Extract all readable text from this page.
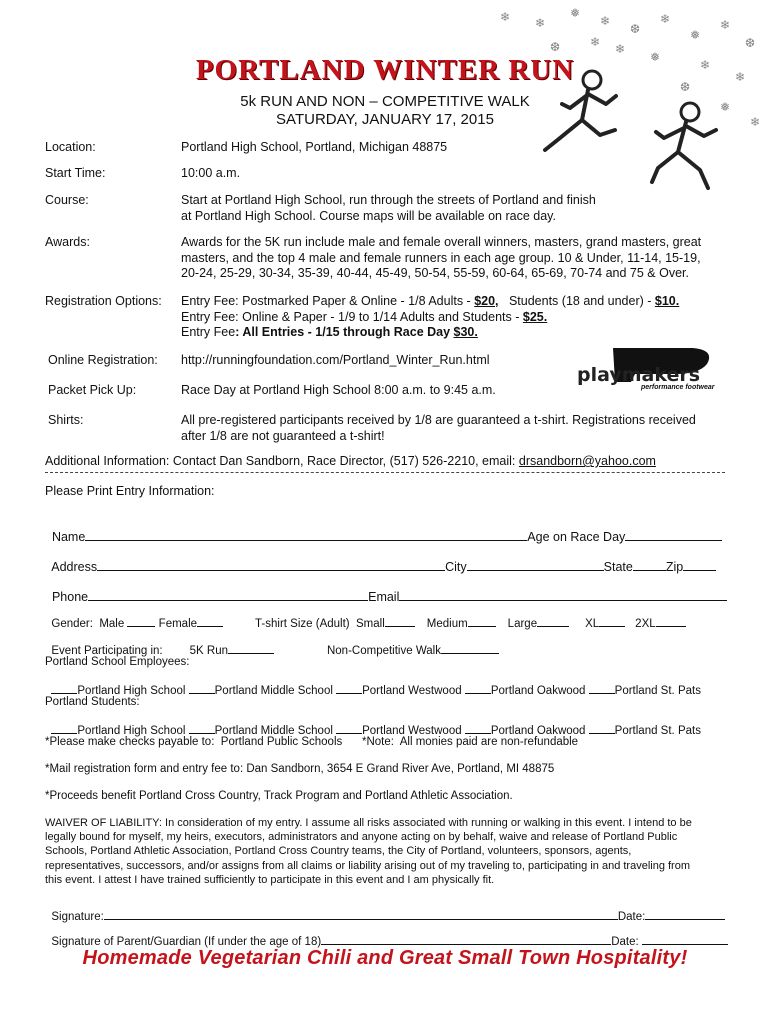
❄ ❄
❅
❄
❆
❄
❅
❄
❆
❄
❅
❄
❄
❆
❅
❄
❄
❆
PORTLAND WINTER RUN
5k RUN AND NON – COMPETITIVE WALK
SATURDAY, JANUARY 17, 2015
Location:	Portland High School, Portland, Michigan 48875
Start Time:	10:00 a.m.
Course:	Start at Portland High School, run through the streets of Portland and finish
at Portland High School. Course maps will be available on race day.
Awards:	Awards for the 5K run include male and female overall winners, masters, grand masters, great
masters, and the top 4 male and female runners in each age group. 10 & Under, 11-14, 15-19,
20-24, 25-29, 30-34, 35-39, 40-44, 45-49, 50-54, 55-59, 60-64, 65-69, 70-74 and 75 & Over.
Registration Options: Entry Fee: Postmarked Paper & Online - 1/8 Adults - $20,   Students (18 and under) - $10.
Entry Fee: Online & Paper - 1/9 to 1/14 Adults and Students - $25.
Entry Fee: All Entries - 1/15 through Race Day $30.
Online Registration: http://runningfoundation.com/Portland_Winter_Run.html
Packet Pick Up:	Race Day at Portland High School 8:00 a.m. to 9:45 a.m.
playmakers
performance footwear
Shirts:	All pre-registered participants received by 1/8 are guaranteed a t-shirt. Registrations received
after 1/8 are not guaranteed a t-shirt!
Additional Information: Contact Dan Sandborn, Race Director, (517) 526-2210, email: drsandborn@yahoo.com
Please Print Entry Information:

Name	Age on Race Day

Address	City	State	Zip

Phone	Email

Gender:  Male	Female	T-shirt Size (Adult)  Small	Medium	Large	XL	2XL

Event Participating in: 5K Run	Non-Competitive Walk

Portland School Employees:

Portland High School	Portland Middle School	Portland Westwood	Portland Oakwood	Portland St. Pats

Portland Students:

Portland High School	Portland Middle School	Portland Westwood	Portland Oakwood	Portland St. Pats

*Please make checks payable to:  Portland Public Schools *Note:  All monies paid are non-refundable
*Mail registration form and entry fee to: Dan Sandborn, 3654 E Grand River Ave, Portland, MI 48875
*Proceeds benefit Portland Cross Country, Track Program and Portland Athletic Association.
WAIVER OF LIABILITY: In consideration of my entry. I assume all risks associated with running or walking in this event. I intend to be
legally bound for myself, my heirs, executors, administrators and anyone acting on by behalf, waive and release of Portland Public
Schools, Portland Athletic Association, Portland Cross Country teams, the City of Portland, volunteers, sponsors, agents,
representatives, successors, and/or assigns from all claims or liability arising out of my traveling to, participating in and traveling from
this event. I attest I have trained sufficiently to participate in this event and I am physically fit.

Signature:	Date:

Signature of Parent/Guardian (If under the age of 18)	Date:

Homemade Vegetarian Chili and Great Small Town Hospitality!
